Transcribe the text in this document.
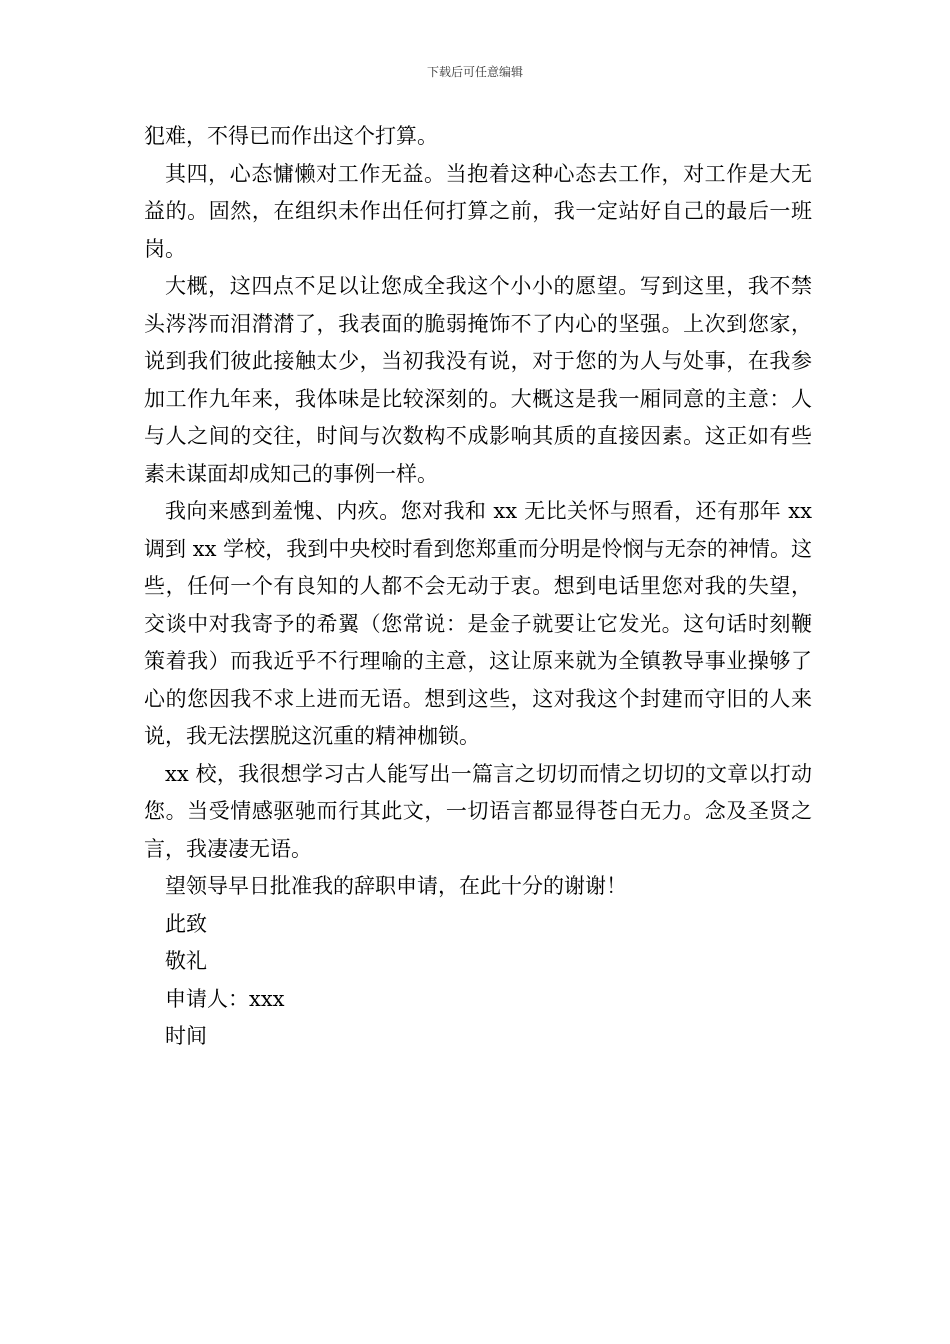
下载后可任意编辑

犯难，不得已而作出这个打算。

其四，心态慵懒对工作无益。当抱着这种心态去工作，对工作是大无益的。固然，在组织未作出任何打算之前，我一定站好自己的最后一班岗。

大概，这四点不足以让您成全我这个小小的愿望。写到这里，我不禁头涔涔而泪潸潸了，我表面的脆弱掩饰不了内心的坚强。上次到您家，说到我们彼此接触太少，当初我没有说，对于您的为人与处事，在我参加工作九年来，我体味是比较深刻的。大概这是我一厢同意的主意：人与人之间的交往，时间与次数构不成影响其质的直接因素。这正如有些素未谋面却成知己的事例一样。

我向来感到羞愧、内疚。您对我和 xx 无比关怀与照看，还有那年 xx 调到 xx 学校，我到中央校时看到您郑重而分明是怜悯与无奈的神情。这些，任何一个有良知的人都不会无动于衷。想到电话里您对我的失望，交谈中对我寄予的希翼（您常说：是金子就要让它发光。这句话时刻鞭策着我）而我近乎不行理喻的主意，这让原来就为全镇教导事业操够了心的您因我不求上进而无语。想到这些，这对我这个封建而守旧的人来说，我无法摆脱这沉重的精神枷锁。

xx 校，我很想学习古人能写出一篇言之切切而情之切切的文章以打动您。当受情感驱驰而行其此文，一切语言都显得苍白无力。念及圣贤之言，我凄凄无语。

望领导早日批准我的辞职申请，在此十分的谢谢！

此致

敬礼

申请人：xxx

时间
